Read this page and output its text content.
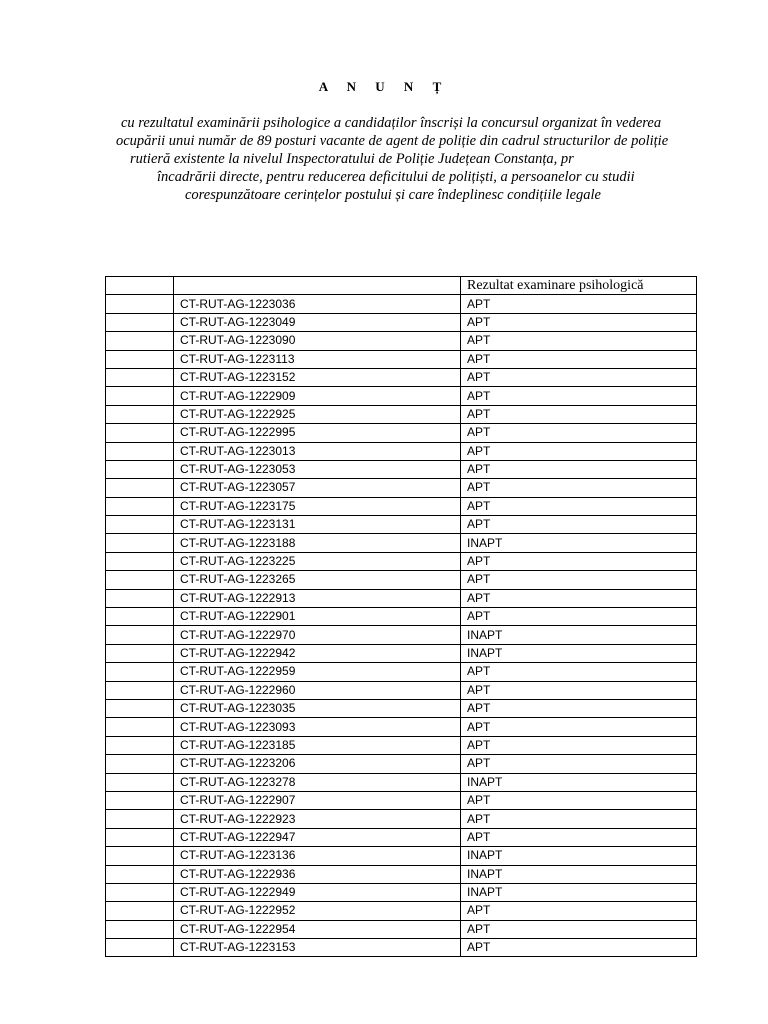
A N U N Ț
cu rezultatul examinării psihologice a candidaților înscriși la concursul organizat în vederea
ocupării unui număr de 89 posturi vacante de agent de poliție din cadrul structurilor de poliție
rutieră existente la nivelul Inspectoratului de Poliție Județean Constanța, pr
încadrării directe, pentru reducerea deficitului de polițiști, a persoanelor cu studii
corespunzătoare cerințelor postului și care îndeplinesc condițiile legale
		Rezultat examinare psihologică
	CT-RUT-AG-1223036	APT
	CT-RUT-AG-1223049	APT
	CT-RUT-AG-1223090	APT
	CT-RUT-AG-1223113	APT
	CT-RUT-AG-1223152	APT
	CT-RUT-AG-1222909	APT
	CT-RUT-AG-1222925	APT
	CT-RUT-AG-1222995	APT
	CT-RUT-AG-1223013	APT
	CT-RUT-AG-1223053	APT
	CT-RUT-AG-1223057	APT
	CT-RUT-AG-1223175	APT
	CT-RUT-AG-1223131	APT
	CT-RUT-AG-1223188	INAPT
	CT-RUT-AG-1223225	APT
	CT-RUT-AG-1223265	APT
	CT-RUT-AG-1222913	APT
	CT-RUT-AG-1222901	APT
	CT-RUT-AG-1222970	INAPT
	CT-RUT-AG-1222942	INAPT
	CT-RUT-AG-1222959	APT
	CT-RUT-AG-1222960	APT
	CT-RUT-AG-1223035	APT
	CT-RUT-AG-1223093	APT
	CT-RUT-AG-1223185	APT
	CT-RUT-AG-1223206	APT
	CT-RUT-AG-1223278	INAPT
	CT-RUT-AG-1222907	APT
	CT-RUT-AG-1222923	APT
	CT-RUT-AG-1222947	APT
	CT-RUT-AG-1223136	INAPT
	CT-RUT-AG-1222936	INAPT
	CT-RUT-AG-1222949	INAPT
	CT-RUT-AG-1222952	APT
	CT-RUT-AG-1222954	APT
	CT-RUT-AG-1223153	APT
